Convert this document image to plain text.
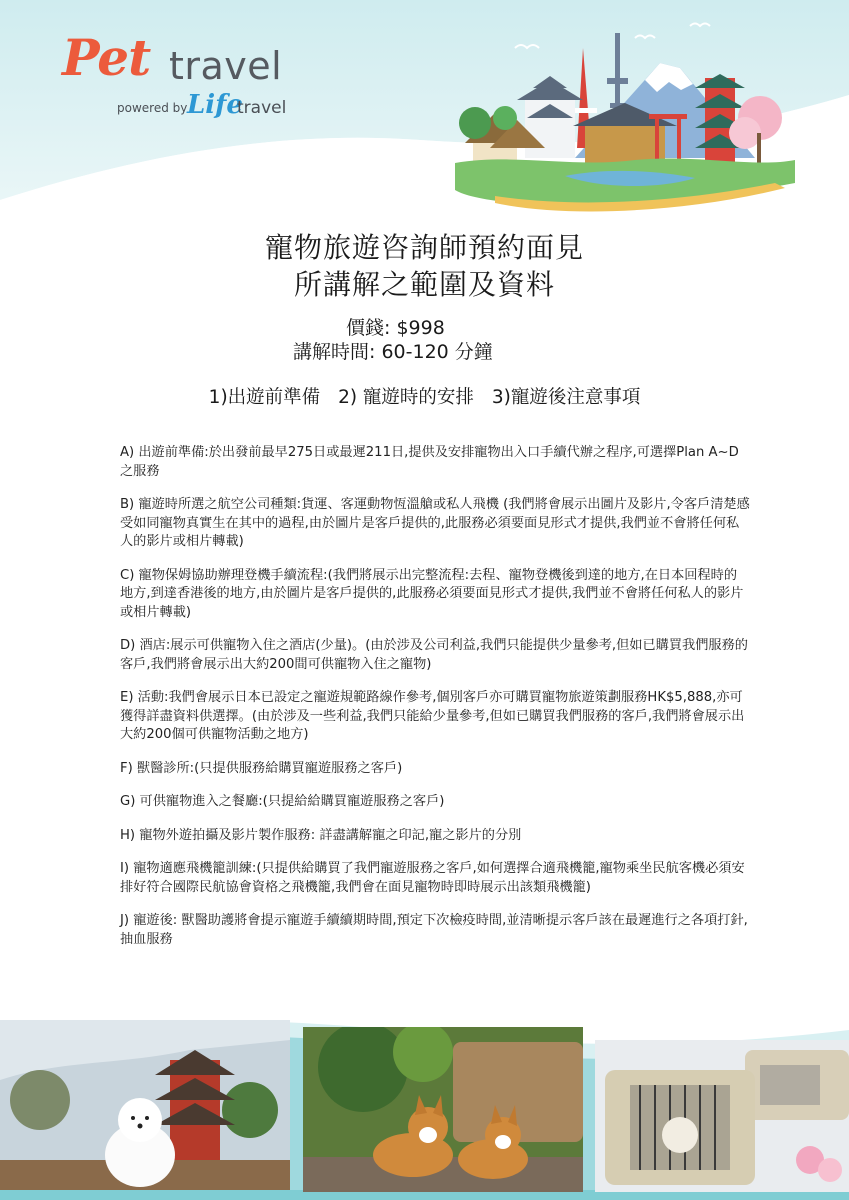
Pet travel
powered by Life
travel
寵物旅遊咨詢師預約面見
所講解之範圍及資料
價錢: $998
講解時間: 60-120 分鐘
1)出遊前準備 2) 寵遊時的安排 3)寵遊後注意事項
A) 出遊前準備:於出發前最早275日或最遲211日,提供及安排寵物出入口手續代辦之程序,可選擇Plan A~D之服務
B) 寵遊時所選之航空公司種類:貨運、客運動物恆溫艙或私人飛機 (我們將會展示出圖片及影片,令客戶清楚感受如同寵物真實生在其中的過程,由於圖片是客戶提供的,此服務必須要面見形式才提供,我們並不會將任何私人的影片或相片轉載)
C) 寵物保姆協助辦理登機手續流程:(我們將展示出完整流程:去程、寵物登機後到達的地方,在日本回程時的地方,到達香港後的地方,由於圖片是客戶提供的,此服務必須要面見形式才提供,我們並不會將任何私人的影片或相片轉載)
D) 酒店:展示可供寵物入住之酒店(少量)。(由於涉及公司利益,我們只能提供少量參考,但如已購買我們服務的客戶,我們將會展示出大約200間可供寵物入住之寵物)
E) 活動:我們會展示日本已設定之寵遊規範路線作參考,個別客戶亦可購買寵物旅遊策劃服務HK$5,888,亦可獲得詳盡資料供選擇。(由於涉及一些利益,我們只能給少量參考,但如已購買我們服務的客戶,我們將會展示出大約200個可供寵物活動之地方)
F) 獸醫診所:(只提供服務給購買寵遊服務之客戶)
G) 可供寵物進入之餐廳:(只提給給購買寵遊服務之客戶)
H) 寵物外遊拍攝及影片製作服務: 詳盡講解寵之印記,寵之影片的分別
I) 寵物適應飛機籠訓練:(只提供給購買了我們寵遊服務之客戶,如何選擇合適飛機籠,寵物乘坐民航客機必須安排好符合國際民航協會資格之飛機籠,我們會在面見寵物時即時展示出該類飛機籠)
J) 寵遊後: 獸醫助護將會提示寵遊手續續期時間,預定下次檢疫時間,並清晰提示客戶該在最遲進行之各項打針,抽血服務
